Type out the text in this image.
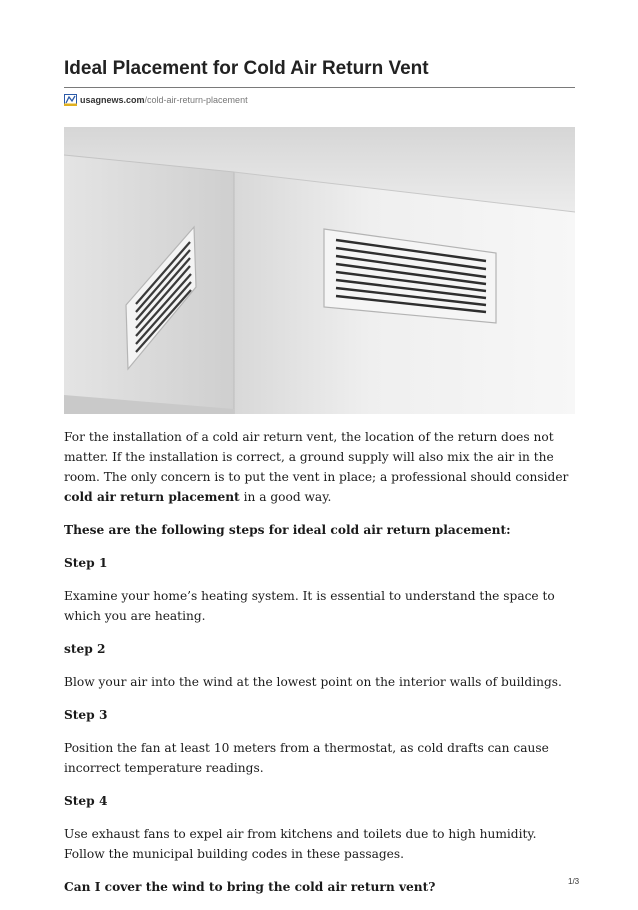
Ideal Placement for Cold Air Return Vent
usagnews.com /cold-air-return-placement

For the installation of a cold air return vent, the location of the return does not matter. If the installation is correct, a ground supply will also mix the air in the room. The only concern is to put the vent in place; a professional should consider cold air return placement in a good way.

These are the following steps for ideal cold air return placement:

Step 1

Examine your home’s heating system. It is essential to understand the space to which you are heating.

step 2

Blow your air into the wind at the lowest point on the interior walls of buildings.

Step 3

Position the fan at least 10 meters from a thermostat, as cold drafts can cause incorrect temperature readings.

Step 4

Use exhaust fans to expel air from kitchens and toilets due to high humidity. Follow the municipal building codes in these passages.

Can I cover the wind to bring the cold air return vent?	1/3
